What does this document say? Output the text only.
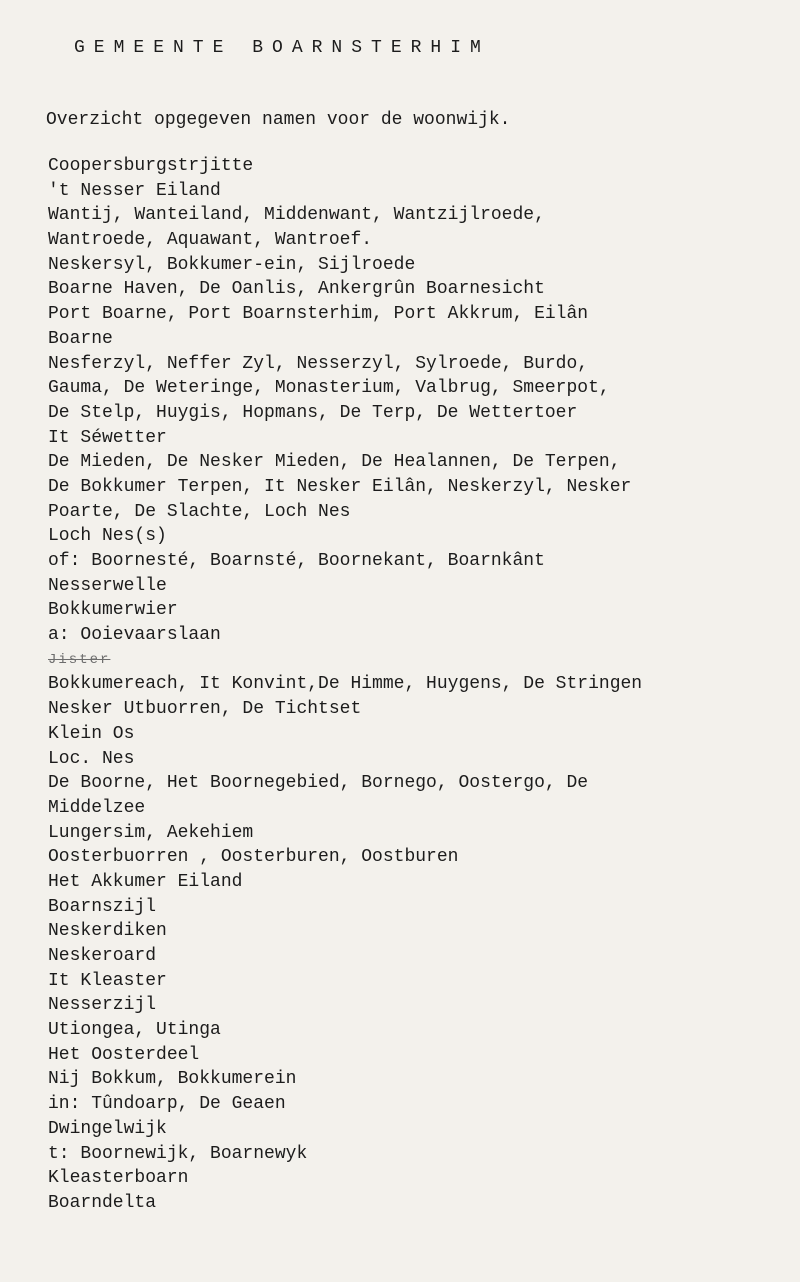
GEMEENTE BOARNSTERHIM
Overzicht opgegeven namen voor de woonwijk.
Coopersburgstrjitte
't Nesser Eiland
Wantij, Wanteiland, Middenwant, Wantzijlroede,
Wantroede, Aquawant, Wantroef.
Neskersyl, Bokkumer-ein, Sijlroede
Boarne Haven, De Oanlis, Ankergrûn Boarnesicht
Port Boarne, Port Boarnsterhim, Port Akkrum, Eilân
Boarne
Nesferzyl, Neffer Zyl, Nesserzyl, Sylroede, Burdo,
Gauma, De Weteringe, Monasterium, Valbrug, Smeerpot,
De Stelp, Huygis, Hopmans, De Terp, De Wettertoer
It Séwetter
De Mieden, De Nesker Mieden, De Healannen, De Terpen,
De Bokkumer Terpen, It Nesker Eilân, Neskerzyl, Nesker
Poarte, De Slachte, Loch Nes
Loch Nes(s)
of: Boornesté, Boarnsté, Boornekant, Boarnkânt
Nesserwelle
Bokkumerwier
a: Ooievaarslaan
Jister
Bokkumereach, It Konvint,De Himme, Huygens, De Stringen
Nesker Utbuorren, De Tichtset
Klein Os
Loc. Nes
De Boorne, Het Boornegebied, Bornego, Oostergo, De
Middelzee
Lungersim, Aekehiem
Oosterbuorren , Oosterburen, Oostburen
Het Akkumer Eiland
Boarnszijl
Neskerdiken
Neskeroard
It Kleaster
Nesserzijl
Utiongea, Utinga
Het Oosterdeel
Nij Bokkum, Bokkumerein
in: Tûndoarp, De Geaen
Dwingelwijk
t: Boornewijk, Boarnewyk
Kleasterboarn
Boarndelta
